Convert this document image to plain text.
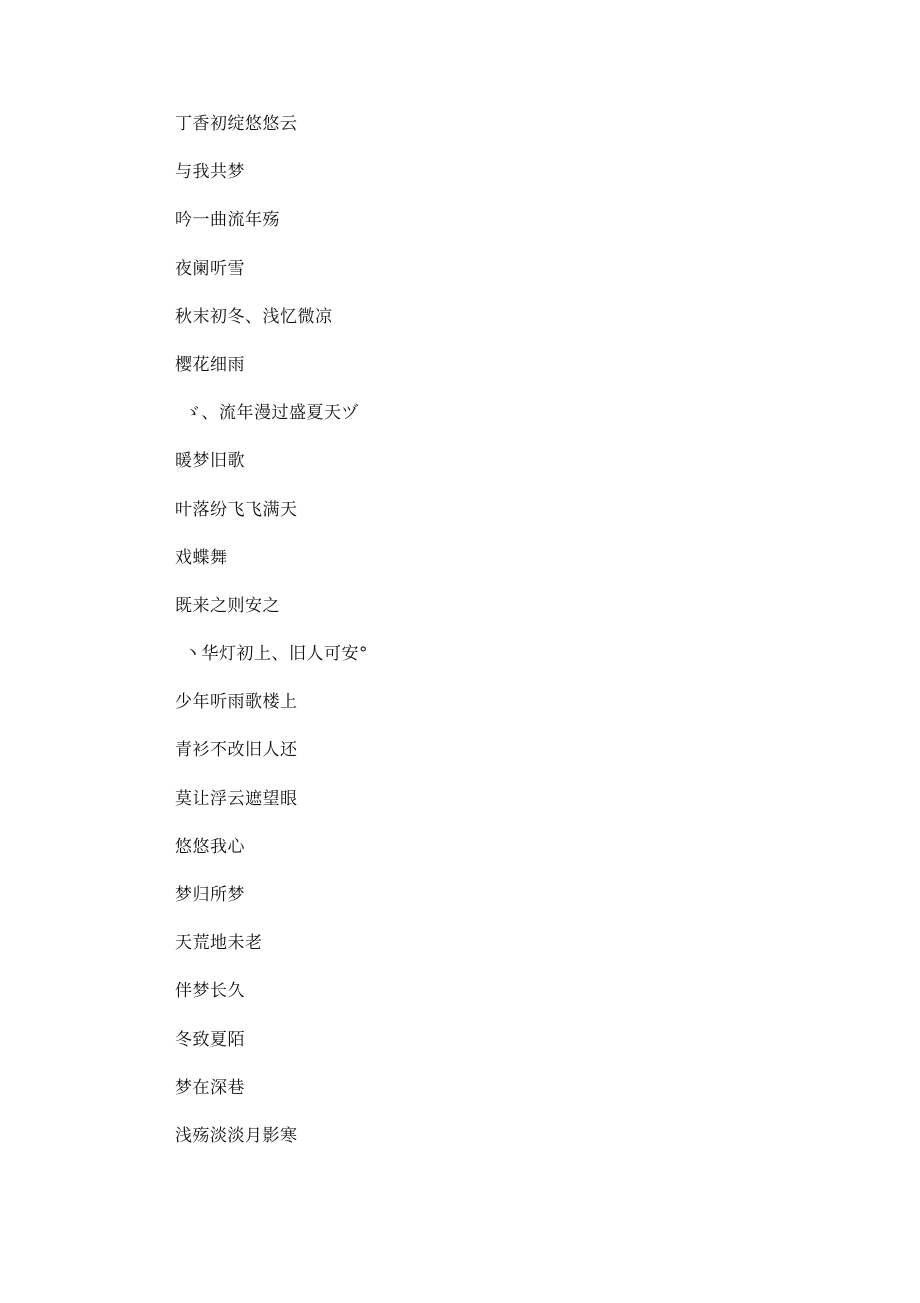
丁香初绽悠悠云

与我共梦

吟一曲流年殇

夜阑听雪

秋末初冬、浅忆微凉

樱花细雨

ゞ、流年漫过盛夏天ヅ

暖梦旧歌

叶落纷飞飞满天

戏蝶舞

既来之则安之

丶华灯初上、旧人可安°

少年听雨歌楼上

青衫不改旧人还

莫让浮云遮望眼

悠悠我心

梦归所梦

天荒地未老

伴梦长久

冬致夏陌

梦在深巷

浅殇淡淡月影寒
